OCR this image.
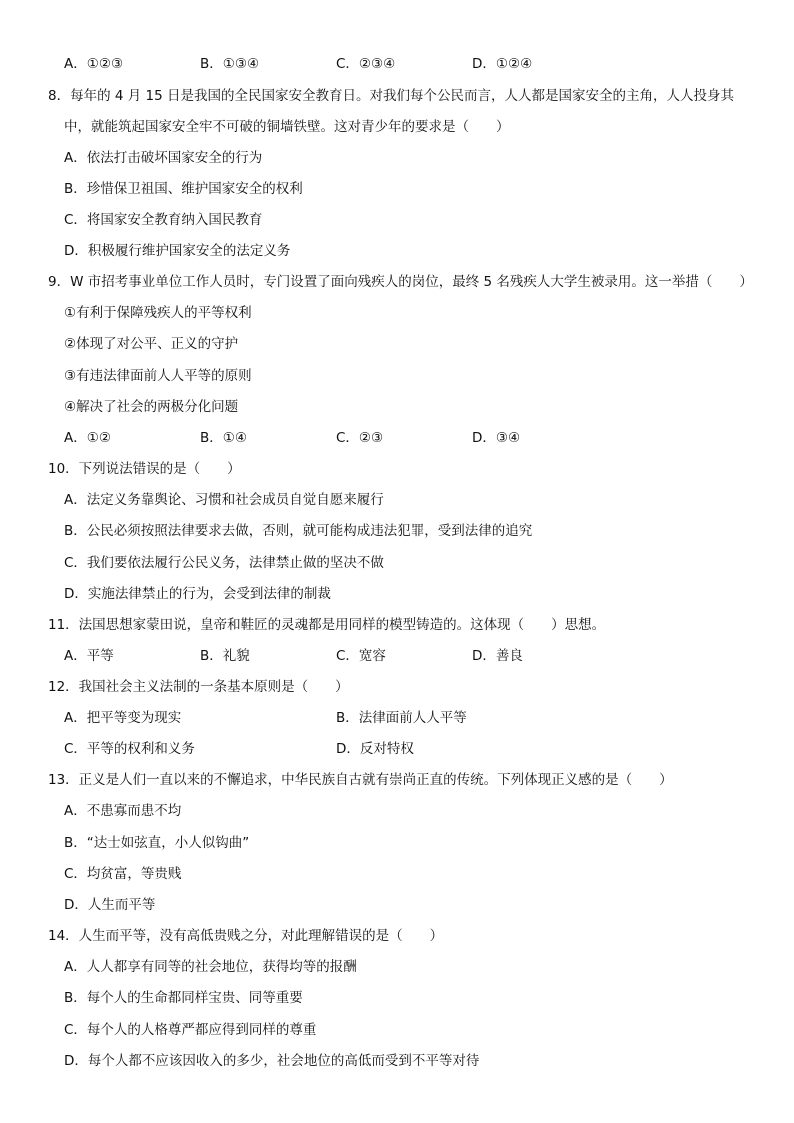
A．①②③	B．①③④	C．②③④	D．①②④
8．每年的 4 月 15 日是我国的全民国家安全教育日。对我们每个公民而言，人人都是国家安全的主角，人人投身其
中，就能筑起国家安全牢不可破的铜墙铁壁。这对青少年的要求是（　　）
A．依法打击破坏国家安全的行为
B．珍惜保卫祖国、维护国家安全的权利
C．将国家安全教育纳入国民教育
D．积极履行维护国家安全的法定义务
9．W 市招考事业单位工作人员时，专门设置了面向残疾人的岗位，最终 5 名残疾人大学生被录用。这一举措（　　）
①有利于保障残疾人的平等权利
②体现了对公平、正义的守护
③有违法律面前人人平等的原则
④解决了社会的两极分化问题
A．①②	B．①④	C．②③	D．③④
10．下列说法错误的是（　　）
A．法定义务靠舆论、习惯和社会成员自觉自愿来履行
B．公民必须按照法律要求去做，否则，就可能构成违法犯罪，受到法律的追究
C．我们要依法履行公民义务，法律禁止做的坚决不做
D．实施法律禁止的行为，会受到法律的制裁
11．法国思想家蒙田说，皇帝和鞋匠的灵魂都是用同样的模型铸造的。这体现（　　）思想。
A．平等	B．礼貌	C．宽容	D．善良
12．我国社会主义法制的一条基本原则是（　　）
A．把平等变为现实	B．法律面前人人平等
C．平等的权利和义务	D．反对特权
13．正义是人们一直以来的不懈追求，中华民族自古就有崇尚正直的传统。下列体现正义感的是（　　）
A．不患寡而患不均
B．“达士如弦直，小人似钩曲”
C．均贫富，等贵贱
D．人生而平等
14．人生而平等，没有高低贵贱之分，对此理解错误的是（　　）
A．人人都享有同等的社会地位，获得均等的报酬
B．每个人的生命都同样宝贵、同等重要
C．每个人的人格尊严都应得到同样的尊重
D．每个人都不应该因收入的多少，社会地位的高低而受到不平等对待
